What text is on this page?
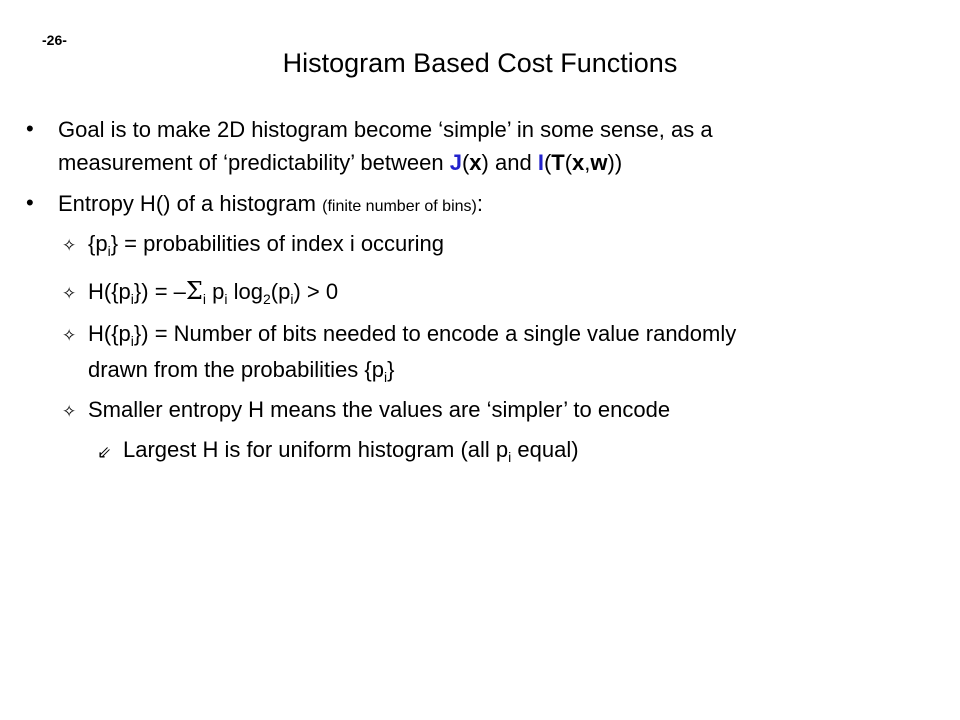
-26-
Histogram Based Cost Functions
• Goal is to make 2D histogram become ‘simple’ in some sense, as a
measurement of ‘predictability’ between J(x) and I(T(x,w))
• Entropy H() of a histogram (finite number of bins):
✧ $\{p_i\}$ = probabilities of index i occuring
✧ $H(\{p_i\}) = -\Sigma_i$ $p_i$ $\log_2(p_i) > 0$
✧ $H(\{p_i\})$ = Number of bits needed to encode a single value randomly
drawn from the probabilities $\{p_i\}$
✧ Smaller entropy H means the values are ‘simpler’ to encode
⇙ Largest H is for uniform histogram (all $p_i$ equal)
